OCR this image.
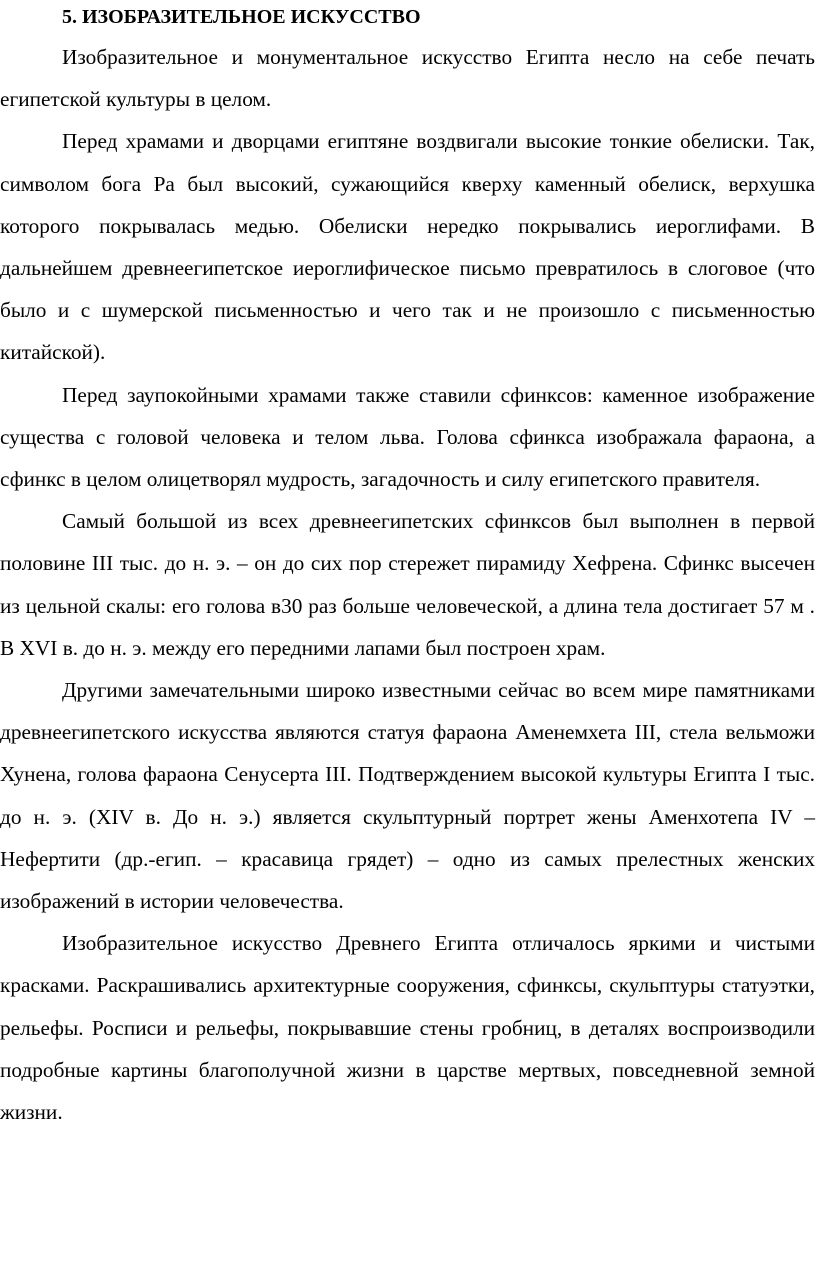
5. ИЗОБРАЗИТЕЛЬНОЕ ИСКУССТВО

Изобразительное и монументальное искусство Египта несло на себе печать египетской культуры в целом.

Перед храмами и дворцами египтяне воздвигали высокие тонкие обелиски. Так, символом бога Ра был высокий, сужающийся кверху каменный обелиск, верхушка которого покрывалась медью. Обелиски нередко покрывались иероглифами. В дальнейшем древнеегипетское иероглифическое письмо превратилось в слоговое (что было и с шумерской письменностью и чего так и не произошло с письменностью китайской).

Перед заупокойными храмами также ставили сфинксов: каменное изображение существа с головой человека и телом льва. Голова сфинкса изображала фараона, а сфинкс в целом олицетворял мудрость, загадочность и силу египетского правителя.

Самый большой из всех древнеегипетских сфинксов был выполнен в первой половине III тыс. до н. э. – он до сих пор стережет пирамиду Хефрена. Сфинкс высечен из цельной скалы: его голова в30 раз больше человеческой, а длина тела достигает 57 м . В XVI в. до н. э. между его передними лапами был построен храм.

Другими замечательными широко известными сейчас во всем мире памятниками древнеегипетского искусства являются статуя фараона Аменемхета III, стела вельможи Хунена, голова фараона Сенусерта III. Подтверждением высокой культуры Египта I тыс. до н. э. (XIV в. До н. э.) является скульптурный портрет жены Аменхотепа IV – Нефертити (др.-егип. – красавица грядет) – одно из самых прелестных женских изображений в истории человечества.

Изобразительное искусство Древнего Египта отличалось яркими и чистыми красками. Раскрашивались архитектурные сооружения, сфинксы, скульптуры статуэтки, рельефы. Росписи и рельефы, покрывавшие стены гробниц, в деталях воспроизводили подробные картины благополучной жизни в царстве мертвых, повседневной земной жизни.
